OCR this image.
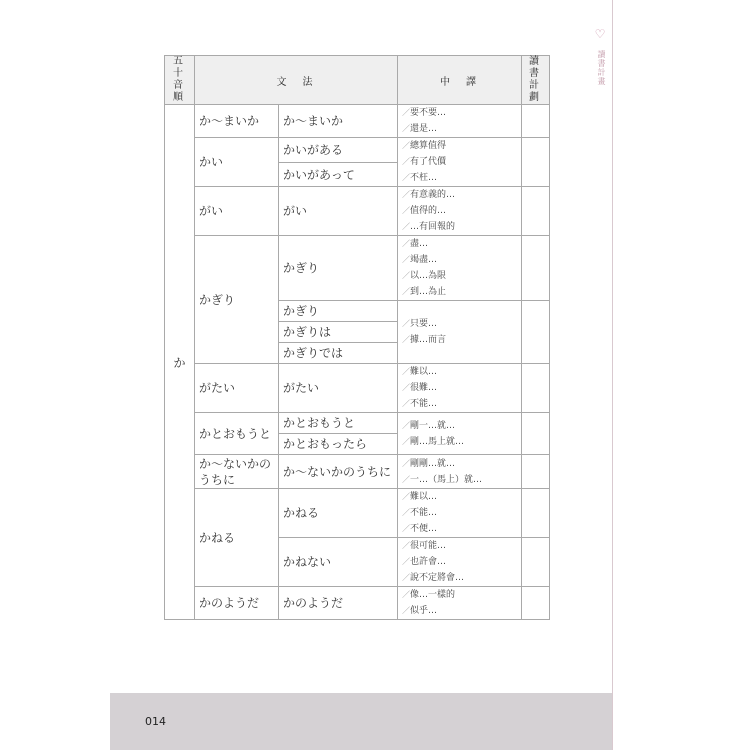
♡
讀書計畫
五十音順	文　法		中　譯	讀書計劃
か	か～まいか	か～まいか	／ 要不要…
／ 還是…

	かい	かいがある	／ 總算值得
／ 有了代價
／ 不枉…

		かいがあって		
	がい	がい	／ 有意義的…
／ 值得的…
／ …有回報的

	かぎり	かぎり	／ 盡…
／ 竭盡…
／ 以…為限
／ 到…為止

		かぎり	／ 只要…
／ 據…而言

		かぎりは		
		かぎりでは		
	がたい	がたい	／ 難以…
／ 很難…
／ 不能…

	かとおもうと	かとおもうと	／ 剛一…就…
／ 剛…馬上就…

		かとおもったら		
	か～ないかのうちに	か～ないかのうちに	／ 剛剛…就…
／ 一…（馬上）就…

	かねる	かねる	／ 難以…
／ 不能…
／ 不便…

		かねない	／ 很可能…
／ 也許會…
／ 說不定將會…

	かのようだ	かのようだ	／ 像…一樣的
／ 似乎…

014
